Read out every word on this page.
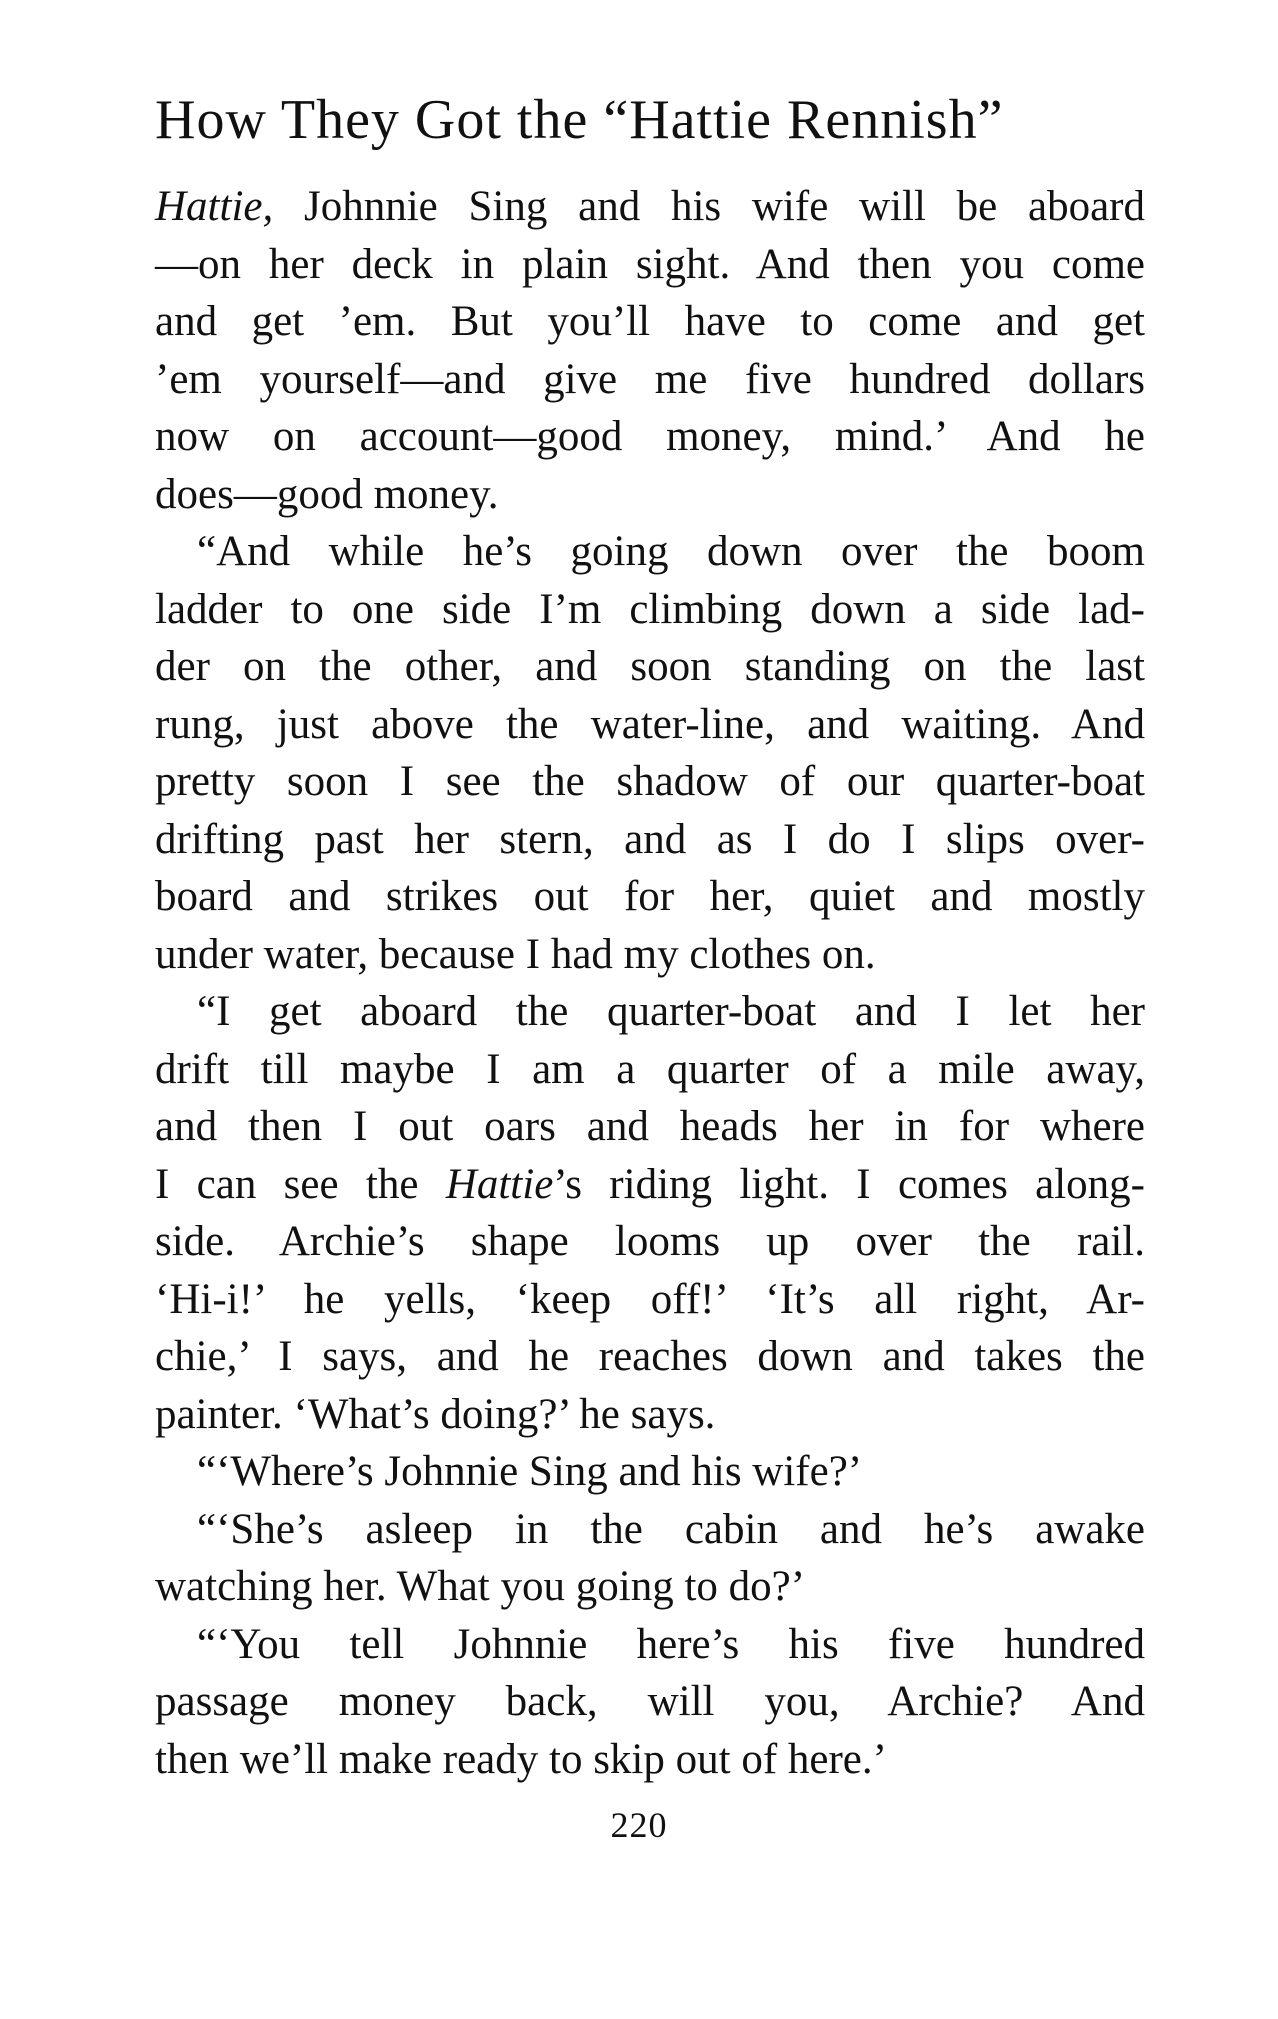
How They Got the “Hattie Rennish”
Hattie, Johnnie Sing and his wife will be aboard
—on her deck in plain sight. And then you come
and get ’em. But you’ll have to come and get
’em yourself—and give me five hundred dollars
now on account—good money, mind.’ And he
does—good money.
“And while he’s going down over the boom
ladder to one side I’m climbing down a side lad-
der on the other, and soon standing on the last
rung, just above the water-line, and waiting. And
pretty soon I see the shadow of our quarter-boat
drifting past her stern, and as I do I slips over-
board and strikes out for her, quiet and mostly
under water, because I had my clothes on.
“I get aboard the quarter-boat and I let her
drift till maybe I am a quarter of a mile away,
and then I out oars and heads her in for where
I can see the Hattie’s riding light. I comes along-
side. Archie’s shape looms up over the rail.
‘Hi-i!’ he yells, ‘keep off!’ ‘It’s all right, Ar-
chie,’ I says, and he reaches down and takes the
painter. ‘What’s doing?’ he says.
“‘Where’s Johnnie Sing and his wife?’
“‘She’s asleep in the cabin and he’s awake
watching her. What you going to do?’
“‘You tell Johnnie here’s his five hundred
passage money back, will you, Archie? And
then we’ll make ready to skip out of here.’
220
